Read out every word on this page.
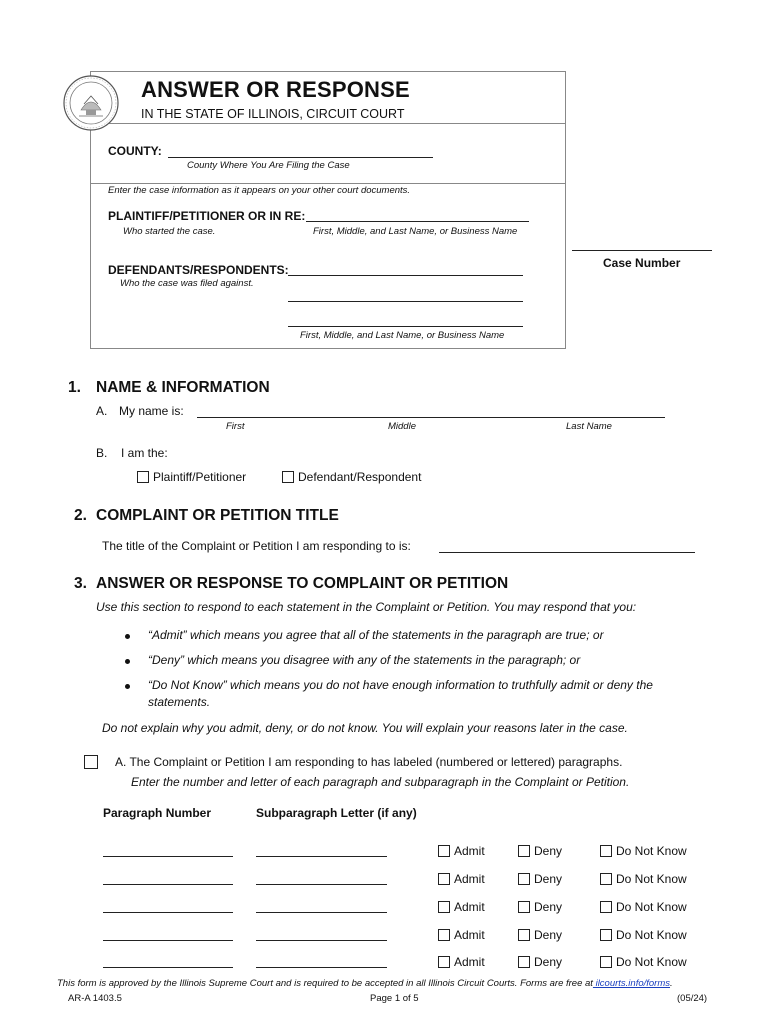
ANSWER OR RESPONSE
IN THE STATE OF ILLINOIS, CIRCUIT COURT
COUNTY:
County Where You Are Filing the Case
Enter the case information as it appears on your other court documents.
PLAINTIFF/PETITIONER OR IN RE:
Who started the case.	First, Middle, and Last Name, or Business Name
Case Number
DEFENDANTS/RESPONDENTS:
Who the case was filed against.
First, Middle, and Last Name, or Business Name
1. NAME & INFORMATION
A. My name is:
First	Middle	Last Name
B. I am the:
Plaintiff/Petitioner	Defendant/Respondent
2. COMPLAINT OR PETITION TITLE
The title of the Complaint or Petition I am responding to is:
3. ANSWER OR RESPONSE TO COMPLAINT OR PETITION
Use this section to respond to each statement in the Complaint or Petition. You may respond that you:
“Admit” which means you agree that all of the statements in the paragraph are true; or
“Deny” which means you disagree with any of the statements in the paragraph; or
“Do Not Know” which means you do not have enough information to truthfully admit or deny the
statements.
Do not explain why you admit, deny, or do not know. You will explain your reasons later in the case.
A. The Complaint or Petition I am responding to has labeled (numbered or lettered) paragraphs.
Enter the number and letter of each paragraph and subparagraph in the Complaint or Petition.
Paragraph Number	Subparagraph Letter (if any)
Admit	Deny	Do Not Know
Admit	Deny	Do Not Know
Admit	Deny	Do Not Know
Admit	Deny	Do Not Know
Admit	Deny	Do Not Know
This form is approved by the Illinois Supreme Court and is required to be accepted in all Illinois Circuit Courts. Forms are free at ilcourts.info/forms.
AR-A 1403.5	Page 1 of 5	(05/24)
